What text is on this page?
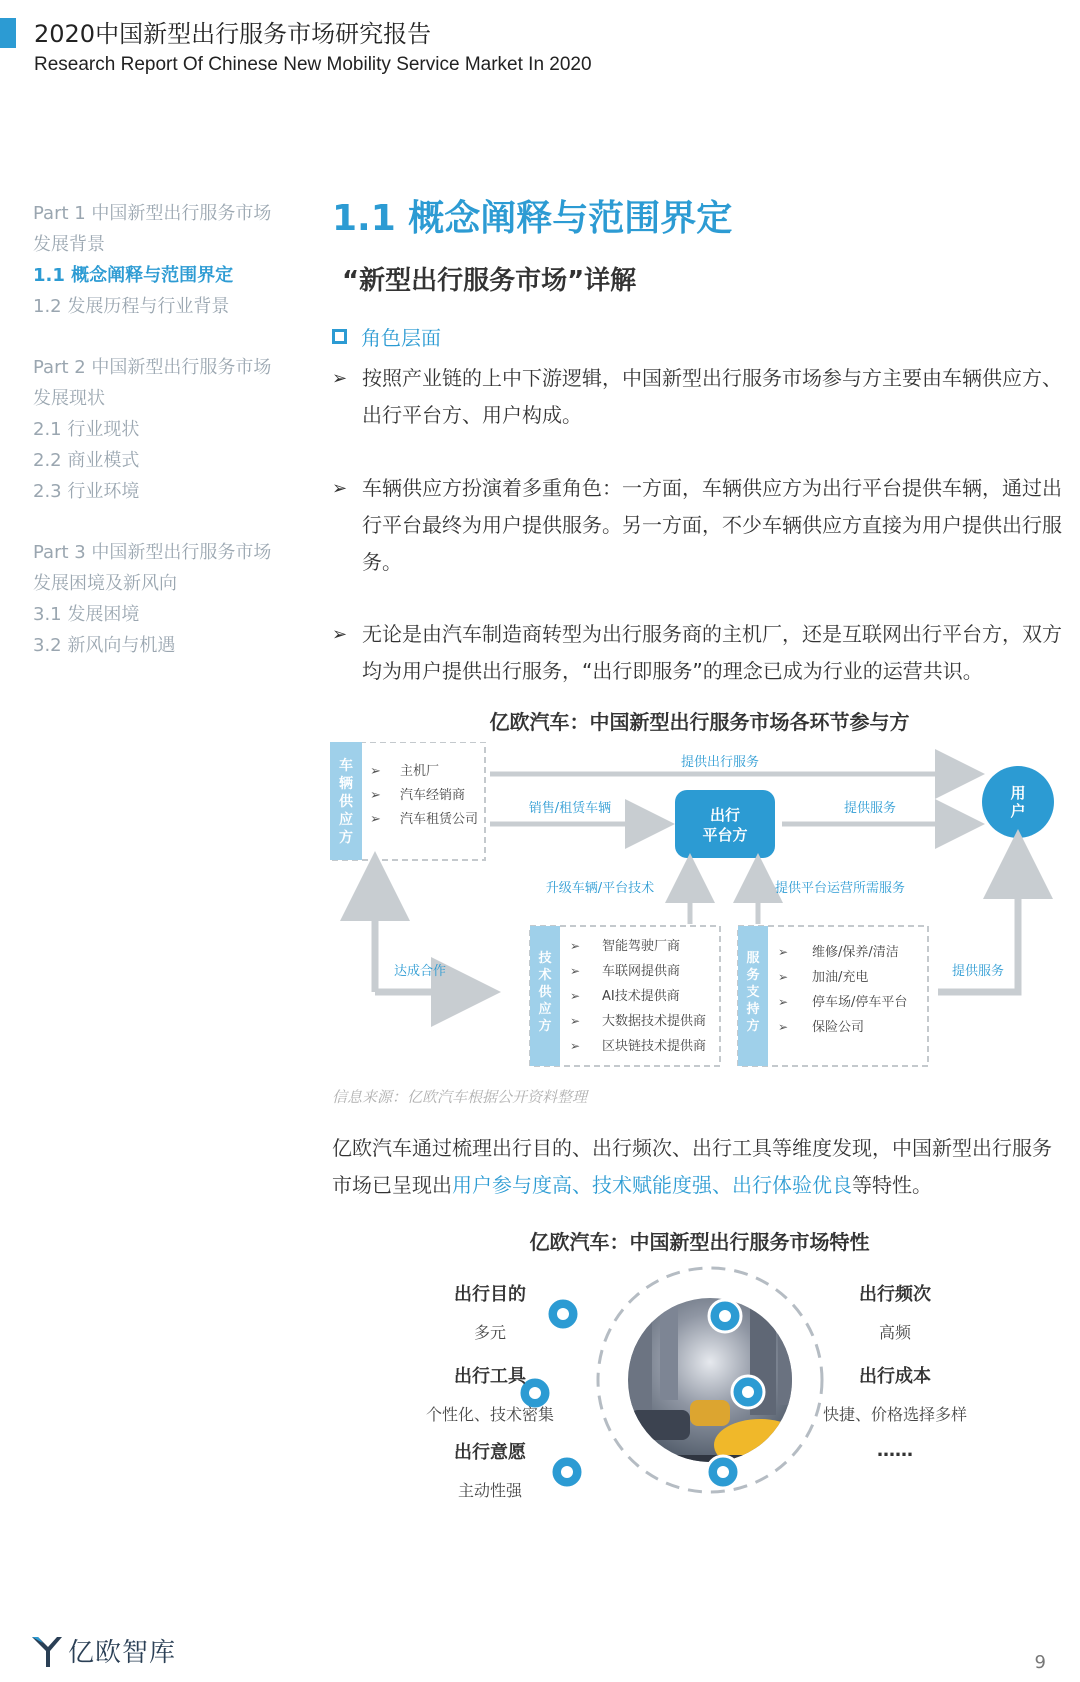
2020中国新型出行服务市场研究报告
Research Report Of Chinese New Mobility Service Market In 2020
Part 1 中国新型出行服务市场
发展背景
1.1 概念阐释与范围界定
1.2 发展历程与行业背景
Part 2 中国新型出行服务市场
发展现状
2.1 行业现状
2.2 商业模式
2.3 行业环境
Part 3 中国新型出行服务市场
发展困境及新风向
3.1 发展困境
3.2 新风向与机遇
1.1 概念阐释与范围界定
“新型出行服务市场”详解
角色层面
➢ 按照产业链的上中下游逻辑，中国新型出行服务市场参与方主要由车辆供应方、出行平台方、用户构成。
➢ 车辆供应方扮演着多重角色：一方面，车辆供应方为出行平台提供车辆，通过出行平台最终为用户提供服务。另一方面，不少车辆供应方直接为用户提供出行服务。
➢ 无论是由汽车制造商转型为出行服务商的主机厂，还是互联网出行平台方，双方均为用户提供出行服务，“出行即服务”的理念已成为行业的运营共识。
亿欧汽车：中国新型出行服务市场各环节参与方
车
辆
供
应
方
➢
➢
➢
主机厂
汽车经销商
汽车租赁公司
提供出行服务
销售/租赁车辆	出行
平台方
提供服务
用
户
升级车辆/平台技术	提供平台运营所需服务
达成合作
技
术
供
应
方
➢
➢
➢
➢
➢
智能驾驶厂商
车联网提供商
AI技术提供商
大数据技术提供商
区块链技术提供商
服
务
支
持
方
➢
➢
➢
➢
维修/保养/清洁
加油/充电
停车场/停车平台
保险公司
提供服务
信息来源：亿欧汽车根据公开资料整理
亿欧汽车通过梳理出行目的、出行频次、出行工具等维度发现，中国新型出行服务市场已呈现出用户参与度高、技术赋能度强、出行体验优良等特性。
亿欧汽车：中国新型出行服务市场特性
出行目的
多元
出行工具
个性化、技术密集
出行意愿
主动性强
出行频次
高频
出行成本
快捷、价格选择多样
……
亿欧智库	9
